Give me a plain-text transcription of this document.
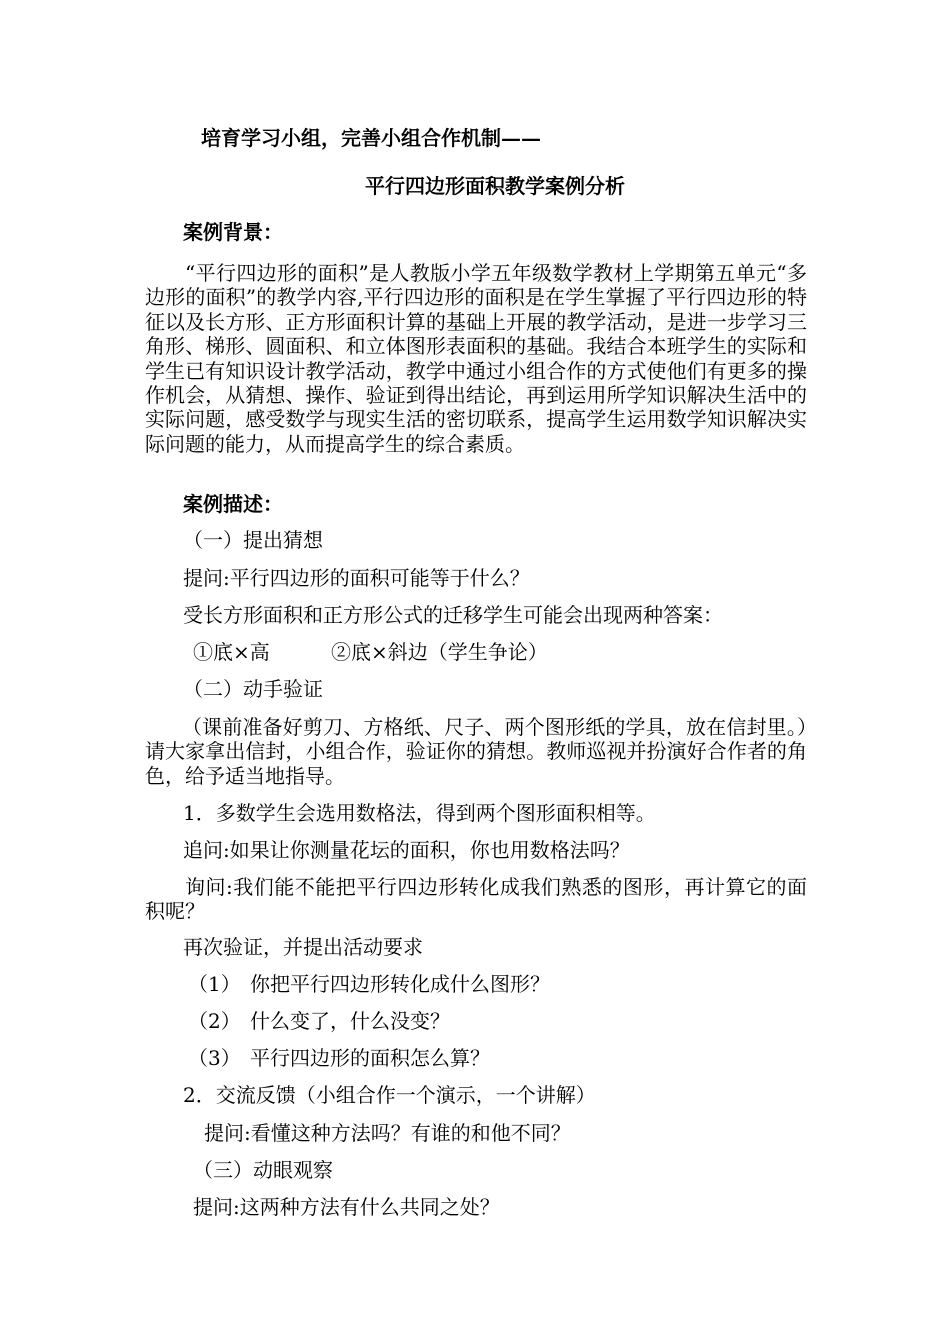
培育学习小组，完善小组合作机制——
平行四边形面积教学案例分析
案例背景：
“平行四边形的面积”是人教版小学五年级数学教材上学期第五单元“多边形的面积”的教学内容,平行四边形的面积是在学生掌握了平行四边形的特征以及长方形、正方形面积计算的基础上开展的教学活动，是进一步学习三角形、梯形、圆面积、和立体图形表面积的基础。我结合本班学生的实际和学生已有知识设计教学活动，教学中通过小组合作的方式使他们有更多的操作机会，从猜想、操作、验证到得出结论，再到运用所学知识解决生活中的实际问题，感受数学与现实生活的密切联系，提高学生运用数学知识解决实际问题的能力，从而提高学生的综合素质。
案例描述：
（一）提出猜想
提问:平行四边形的面积可能等于什么？
受长方形面积和正方形公式的迁移学生可能会出现两种答案：
①底×高	②底×斜边（学生争论）
（二）动手验证
（课前准备好剪刀、方格纸、尺子、两个图形纸的学具，放在信封里。）请大家拿出信封，小组合作，验证你的猜想。教师巡视并扮演好合作者的角色，给予适当地指导。
1．多数学生会选用数格法，得到两个图形面积相等。
追问:如果让你测量花坛的面积，你也用数格法吗？
询问:我们能不能把平行四边形转化成我们熟悉的图形，再计算它的面积呢？
再次验证，并提出活动要求
（1） 你把平行四边形转化成什么图形？
（2） 什么变了，什么没变？
（3） 平行四边形的面积怎么算？
2．交流反馈（小组合作一个演示，一个讲解）
提问:看懂这种方法吗？有谁的和他不同？
（三）动眼观察
提问:这两种方法有什么共同之处？
